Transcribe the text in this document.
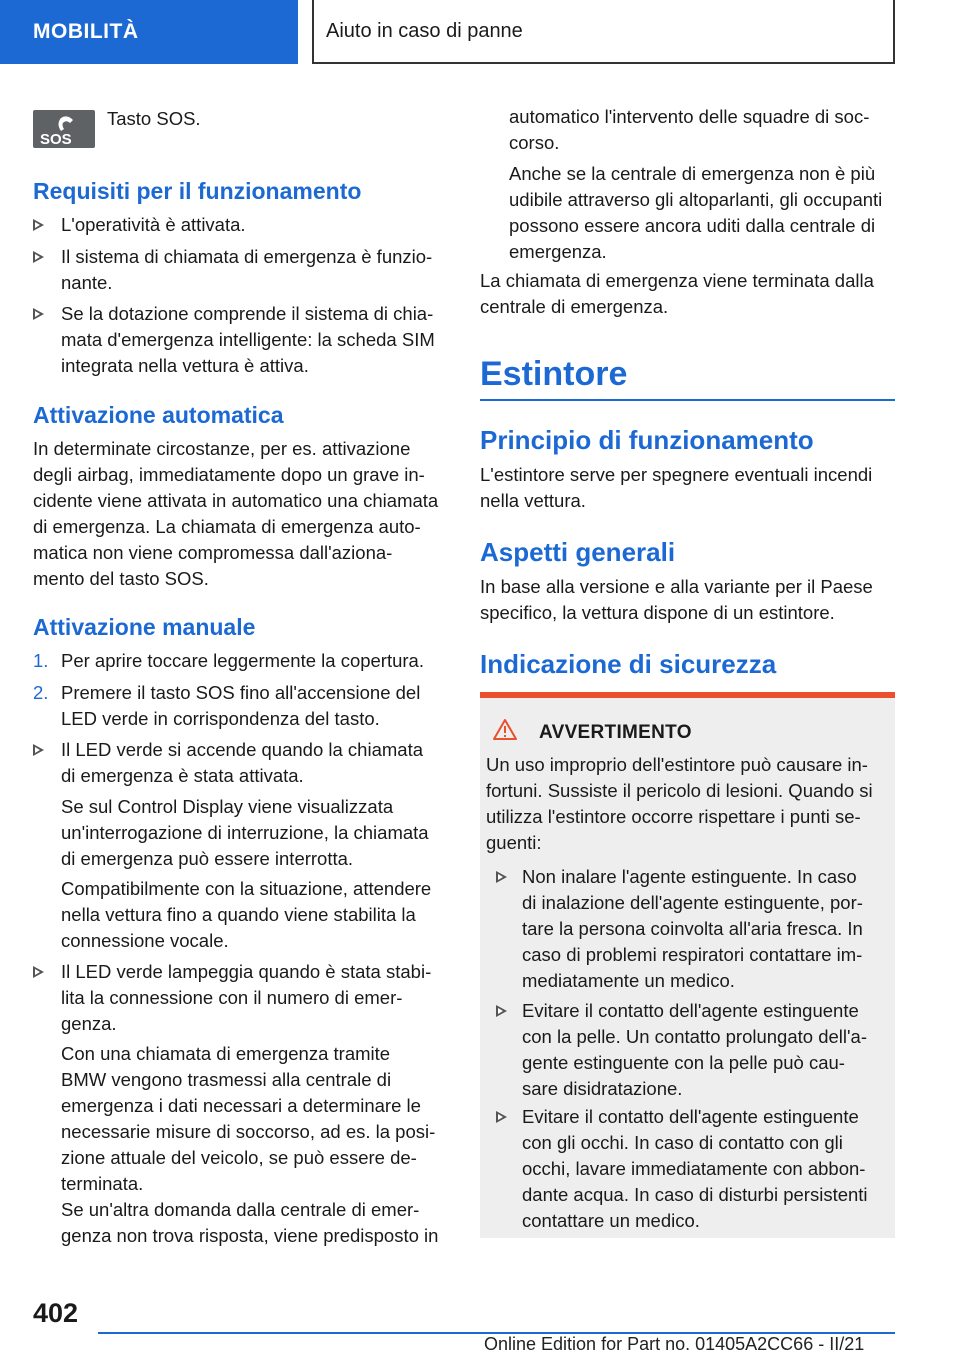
MOBILITÀ	Aiuto in caso di panne
SOS
Tasto SOS.
Requisiti per il funzionamento
L'operatività è attivata.

Il sistema di chiamata di emergenza è funzio-
nante.

Se la dotazione comprende il sistema di chia-
mata d'emergenza intelligente: la scheda SIM
integrata nella vettura è attiva.
Attivazione automatica
In determinate circostanze, per es. attivazione
degli airbag, immediatamente dopo un grave in-
cidente viene attivata in automatico una chiamata
di emergenza. La chiamata di emergenza auto-
matica non viene compromessa dall'aziona-
mento del tasto SOS.
Attivazione manuale
1. Per aprire toccare leggermente la copertura.
2. Premere il tasto SOS fino all'accensione del
LED verde in corrispondenza del tasto.
Il LED verde si accende quando la chiamata
di emergenza è stata attivata.
Se sul Control Display viene visualizzata
un'interrogazione di interruzione, la chiamata
di emergenza può essere interrotta.
Compatibilmente con la situazione, attendere
nella vettura fino a quando viene stabilita la
connessione vocale.
Il LED verde lampeggia quando è stata stabi-
lita la connessione con il numero di emer-
genza.
Con una chiamata di emergenza tramite
BMW vengono trasmessi alla centrale di
emergenza i dati necessari a determinare le
necessarie misure di soccorso, ad es. la posi-
zione attuale del veicolo, se può essere de-
terminata.
Se un'altra domanda dalla centrale di emer-
genza non trova risposta, viene predisposto in
automatico l'intervento delle squadre di soc-
corso.
Anche se la centrale di emergenza non è più
udibile attraverso gli altoparlanti, gli occupanti
possono essere ancora uditi dalla centrale di
emergenza.
La chiamata di emergenza viene terminata dalla
centrale di emergenza.
Estintore
Principio di funzionamento
L'estintore serve per spegnere eventuali incendi
nella vettura.
Aspetti generali
In base alla versione e alla variante per il Paese
specifico, la vettura dispone di un estintore.
Indicazione di sicurezza
AVVERTIMENTO
Un uso improprio dell'estintore può causare in-
fortuni. Sussiste il pericolo di lesioni. Quando si
utilizza l'estintore occorre rispettare i punti se-
guenti:
Non inalare l'agente estinguente. In caso
di inalazione dell'agente estinguente, por-
tare la persona coinvolta all'aria fresca. In
caso di problemi respiratori contattare im-
mediatamente un medico.
Evitare il contatto dell'agente estinguente
con la pelle. Un contatto prolungato dell'a-
gente estinguente con la pelle può cau-
sare disidratazione.
Evitare il contatto dell'agente estinguente
con gli occhi. In caso di contatto con gli
occhi, lavare immediatamente con abbon-
dante acqua. In caso di disturbi persistenti
contattare un medico.
402
Online Edition for Part no. 01405A2CC66 - II/21
